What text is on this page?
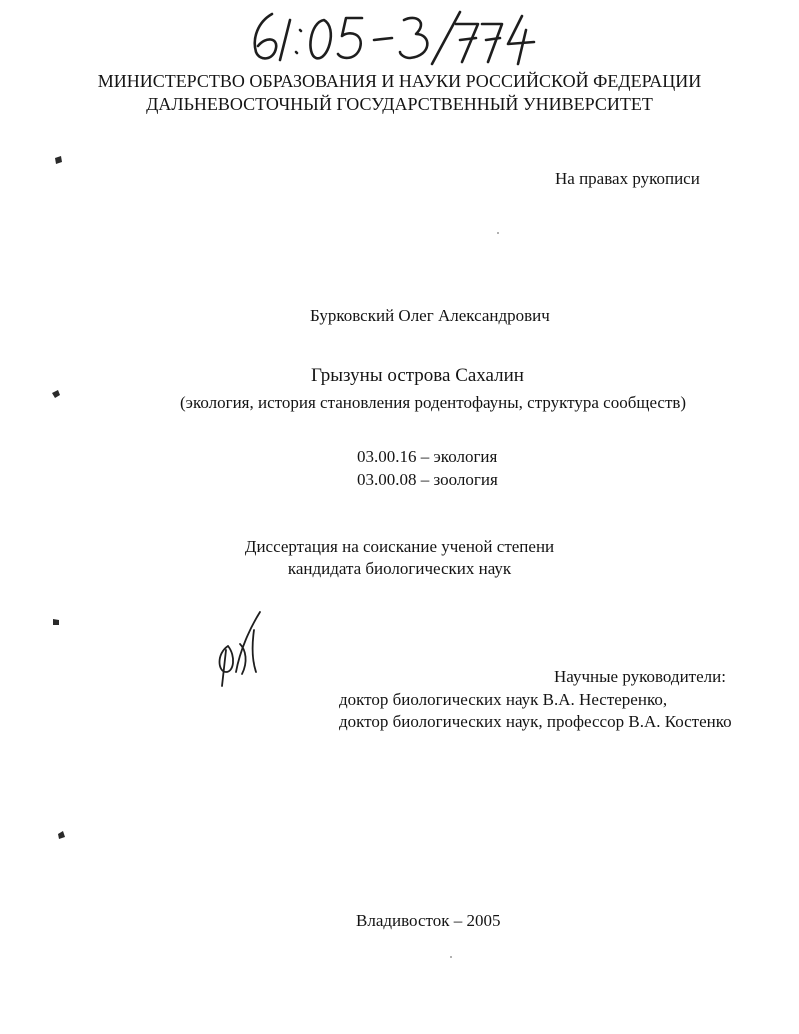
МИНИСТЕРСТВО ОБРАЗОВАНИЯ И НАУКИ РОССИЙСКОЙ ФЕДЕРАЦИИ
ДАЛЬНЕВОСТОЧНЫЙ ГОСУДАРСТВЕННЫЙ УНИВЕРСИТЕТ
На правах рукописи
Бурковский Олег Александрович
Грызуны острова Сахалин
(экология, история становления родентофауны, структура сообществ)
03.00.16 – экология
03.00.08 – зоология
Диссертация на соискание ученой степени
кандидата биологических наук
Научные руководители:
доктор биологических наук В.А. Нестеренко,
доктор биологических наук, профессор В.А. Костенко
Владивосток – 2005
